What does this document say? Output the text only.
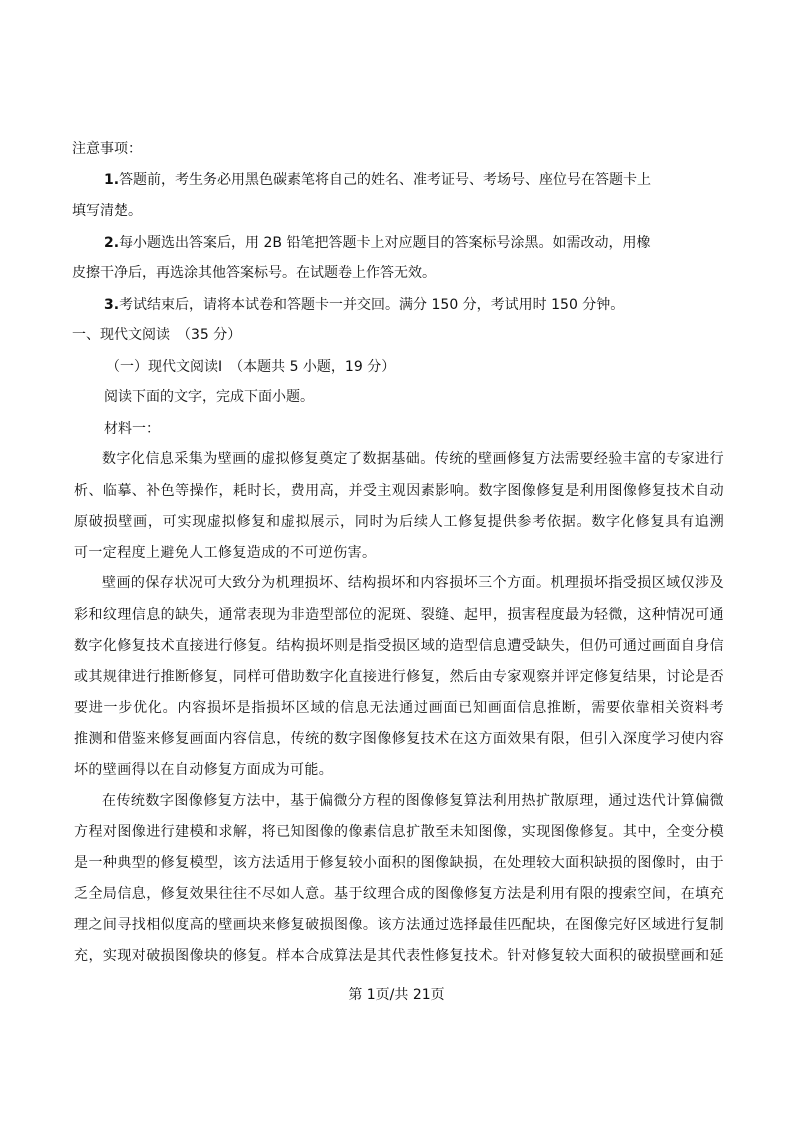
注意事项：
1.答题前，考生务必用黑色碳素笔将自己的姓名、准考证号、考场号、座位号在答题卡上
填写清楚。
2.每小题选出答案后，用 2B 铅笔把答题卡上对应题目的答案标号涂黑。如需改动，用橡
皮擦干净后，再选涂其他答案标号。在试题卷上作答无效。
3.考试结束后，请将本试卷和答题卡一并交回。满分 150 分，考试用时 150 分钟。
一、现代文阅读　（35 分）
（一）现代文阅读Ⅰ　（本题共 5 小题，19 分）
阅读下面的文字，完成下面小题。
材料一：
数字化信息采集为壁画的虚拟修复奠定了数据基础。传统的壁画修复方法需要经验丰富的专家进行
析、临摹、补色等操作，耗时长，费用高，并受主观因素影响。数字图像修复是利用图像修复技术自动
原破损壁画，可实现虚拟修复和虚拟展示，同时为后续人工修复提供参考依据。数字化修复具有追溯
可一定程度上避免人工修复造成的不可逆伤害。
壁画的保存状况可大致分为机理损坏、结构损坏和内容损坏三个方面。机理损坏指受损区域仅涉及
彩和纹理信息的缺失，通常表现为非造型部位的泥斑、裂缝、起甲，损害程度最为轻微，这种情况可通
数字化修复技术直接进行修复。结构损坏则是指受损区域的造型信息遭受缺失，但仍可通过画面自身信
或其规律进行推断修复，同样可借助数字化直接进行修复，然后由专家观察并评定修复结果，讨论是否
要进一步优化。内容损坏是指损坏区域的信息无法通过画面已知画面信息推断，需要依靠相关资料考
推测和借鉴来修复画面内容信息，传统的数字图像修复技术在这方面效果有限，但引入深度学习使内容
坏的壁画得以在自动修复方面成为可能。
在传统数字图像修复方法中，基于偏微分方程的图像修复算法利用热扩散原理，通过迭代计算偏微
方程对图像进行建模和求解，将已知图像的像素信息扩散至未知图像，实现图像修复。其中，全变分模
是一种典型的修复模型，该方法适用于修复较小面积的图像缺损，在处理较大面积缺损的图像时，由于
乏全局信息，修复效果往往不尽如人意。基于纹理合成的图像修复方法是利用有限的搜索空间，在填充
理之间寻找相似度高的壁画块来修复破损图像。该方法通过选择最佳匹配块，在图像完好区域进行复制
充，实现对破损图像块的修复。样本合成算法是其代表性修复技术。针对修复较大面积的破损壁画和延
第 1页/共 21页
